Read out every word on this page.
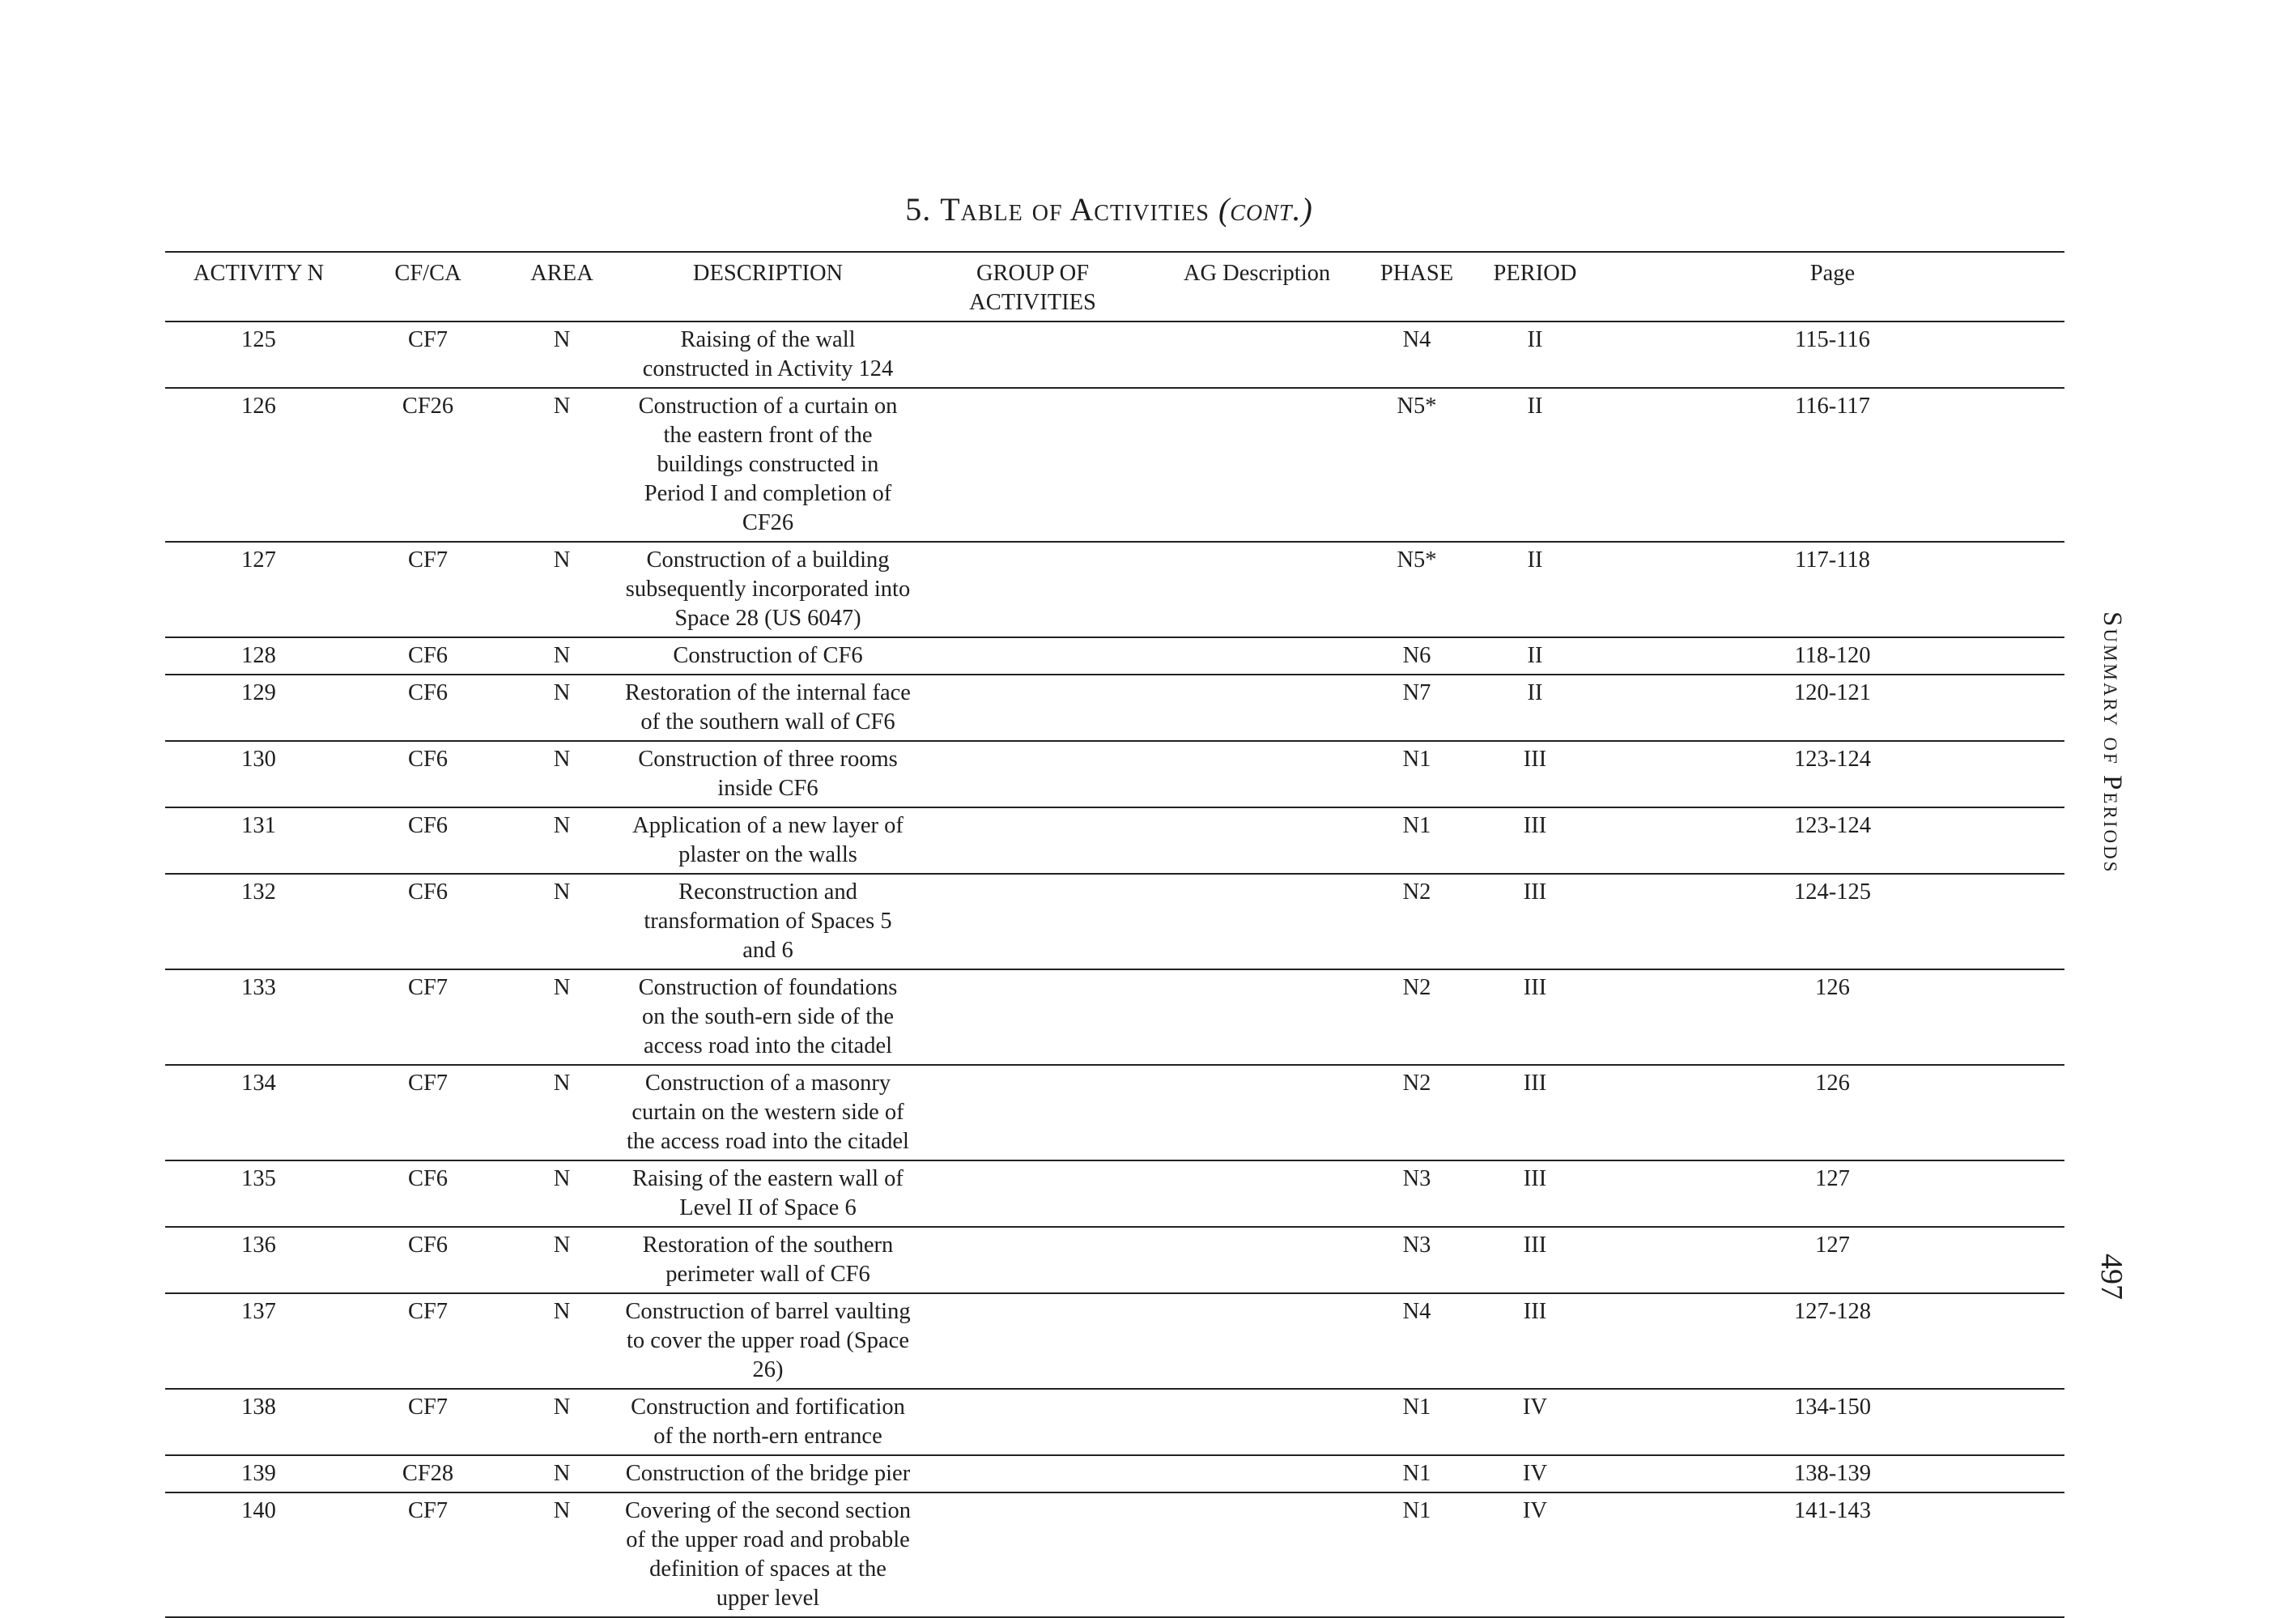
5. Table of Activities (cont.)
ACTIVITY N	CF/CA	AREA	DESCRIPTION	GROUP OF ACTIVITIES	AG Description	PHASE	PERIOD	Page
125	CF7	N	Raising of the wall constructed in Activity 124			N4	II	115-116
126	CF26	N	Construction of a curtain on the eastern front of the buildings constructed in Period I and completion of CF26			N5*	II	116-117
127	CF7	N	Construction of a building subsequently incorporated into Space 28 (US 6047)			N5*	II	117-118
128	CF6	N	Construction of CF6			N6	II	118-120
129	CF6	N	Restoration of the internal face of the southern wall of CF6			N7	II	120-121
130	CF6	N	Construction of three rooms inside CF6			N1	III	123-124
131	CF6	N	Application of a new layer of plaster on the walls			N1	III	123-124
132	CF6	N	Reconstruction and transformation of Spaces 5 and 6			N2	III	124-125
133	CF7	N	Construction of foundations on the south-ern side of the access road into the citadel			N2	III	126
134	CF7	N	Construction of a masonry curtain on the western side of the access road into the citadel			N2	III	126
135	CF6	N	Raising of the eastern wall of Level II of Space 6			N3	III	127
136	CF6	N	Restoration of the southern perimeter wall of CF6			N3	III	127
137	CF7	N	Construction of barrel vaulting to cover the upper road (Space 26)			N4	III	127-128
138	CF7	N	Construction and fortification of the north-ern entrance			N1	IV	134-150
139	CF28	N	Construction of the bridge pier			N1	IV	138-139
140	CF7	N	Covering of the second section of the upper road and probable definition of spaces at the upper level			N1	IV	141-143
Summary of Periods
497
